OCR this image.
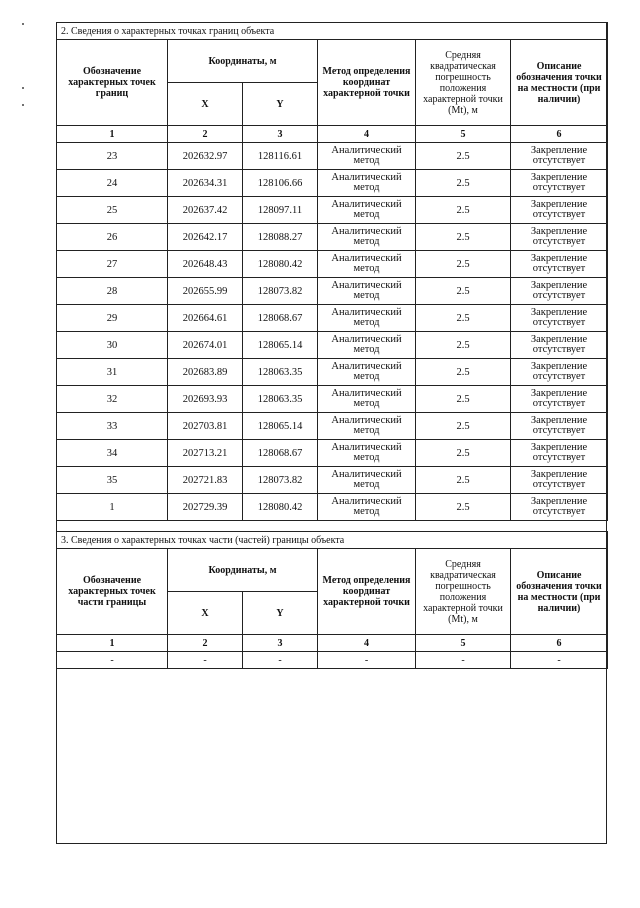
2. Сведения о характерных точках границ объекта					
Обозначение характерных точек границ	Координаты, м		Метод определения координат характерной точки	Средняя квадратическая погрешность положения характерной точки (Mt), м	Описание обозначения точки на местности (при наличии)
	X	Y			
1	2	3	4	5	6
23	202632.97	128116.61	Аналитический метод	2.5	Закрепление отсутствует
24	202634.31	128106.66	Аналитический метод	2.5	Закрепление отсутствует
25	202637.42	128097.11	Аналитический метод	2.5	Закрепление отсутствует
26	202642.17	128088.27	Аналитический метод	2.5	Закрепление отсутствует
27	202648.43	128080.42	Аналитический метод	2.5	Закрепление отсутствует
28	202655.99	128073.82	Аналитический метод	2.5	Закрепление отсутствует
29	202664.61	128068.67	Аналитический метод	2.5	Закрепление отсутствует
30	202674.01	128065.14	Аналитический метод	2.5	Закрепление отсутствует
31	202683.89	128063.35	Аналитический метод	2.5	Закрепление отсутствует
32	202693.93	128063.35	Аналитический метод	2.5	Закрепление отсутствует
33	202703.81	128065.14	Аналитический метод	2.5	Закрепление отсутствует
34	202713.21	128068.67	Аналитический метод	2.5	Закрепление отсутствует
35	202721.83	128073.82	Аналитический метод	2.5	Закрепление отсутствует
1	202729.39	128080.42	Аналитический метод	2.5	Закрепление отсутствует
3. Сведения о характерных точках части (частей) границы объекта					
Обозначение характерных точек части границы	Координаты, м		Метод определения координат характерной точки	Средняя квадратическая погрешность положения характерной точки (Mt), м	Описание обозначения точки на местности (при наличии)
	X	Y			
1	2	3	4	5	6
-	-	-	-	-	-
